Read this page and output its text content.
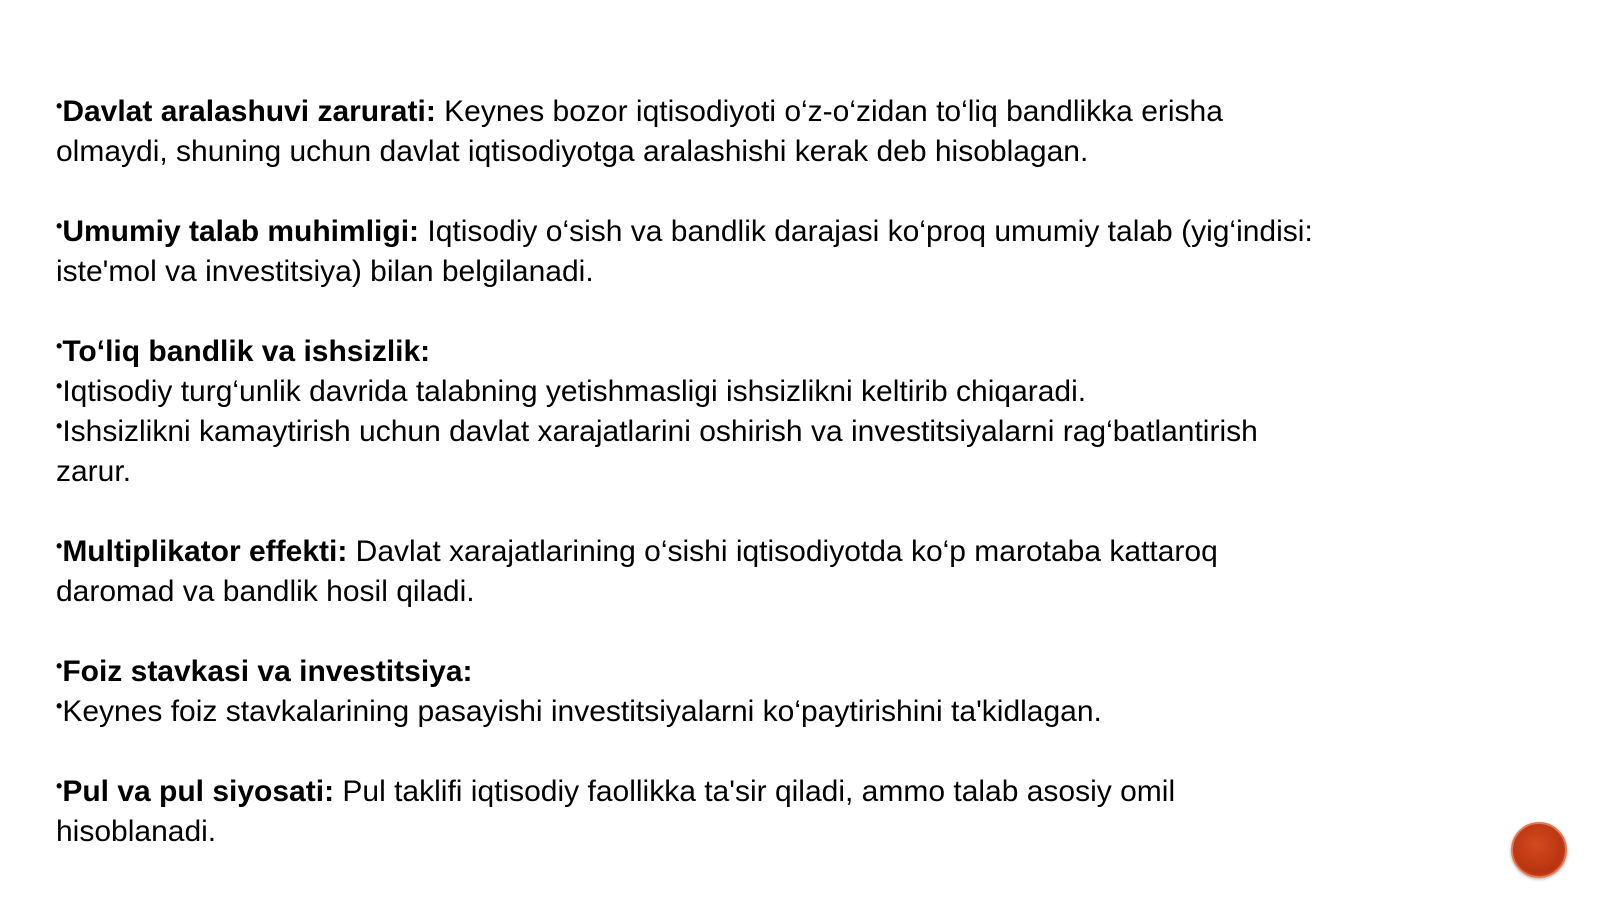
•Davlat aralashuvi zarurati: Keynes bozor iqtisodiyoti o‘z-o‘zidan to‘liq bandlikka erisha olmaydi, shuning uchun davlat iqtisodiyotga aralashishi kerak deb hisoblagan.

•Umumiy talab muhimligi: Iqtisodiy o‘sish va bandlik darajasi ko‘proq umumiy talab (yig‘indisi: iste'mol va investitsiya) bilan belgilanadi.

•To‘liq bandlik va ishsizlik:

•Iqtisodiy turg‘unlik davrida talabning yetishmasligi ishsizlikni keltirib chiqaradi.

•Ishsizlikni kamaytirish uchun davlat xarajatlarini oshirish va investitsiyalarni rag‘batlantirish zarur.

•Multiplikator effekti: Davlat xarajatlarining o‘sishi iqtisodiyotda ko‘p marotaba kattaroq daromad va bandlik hosil qiladi.

•Foiz stavkasi va investitsiya:

•Keynes foiz stavkalarining pasayishi investitsiyalarni ko‘paytirishini ta'kidlagan.

•Pul va pul siyosati: Pul taklifi iqtisodiy faollikka ta'sir qiladi, ammo talab asosiy omil hisoblanadi.
